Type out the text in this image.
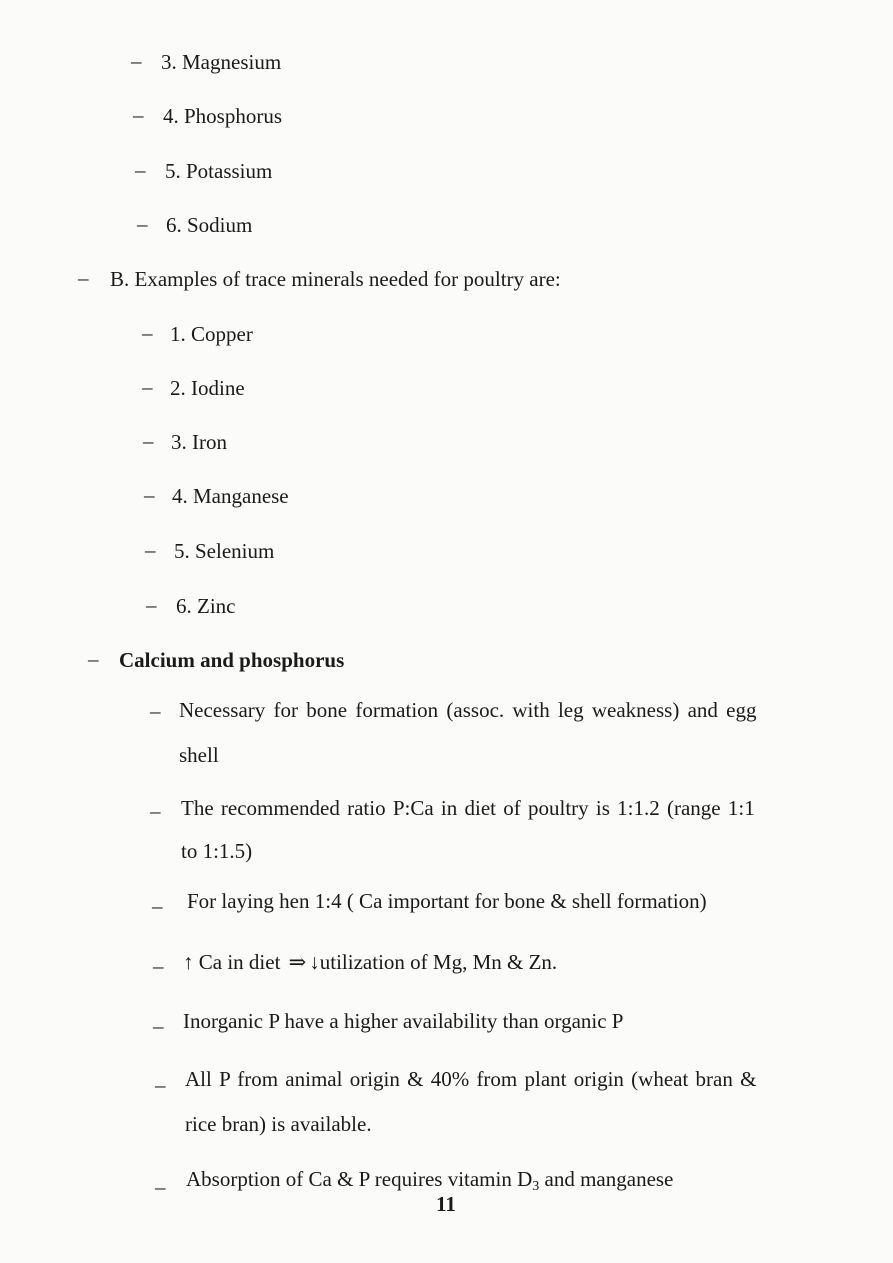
– 3. Magnesium
– 4. Phosphorus
– 5. Potassium
– 6. Sodium
– B. Examples of trace minerals needed for poultry are:
– 1. Copper
– 2. Iodine
– 3. Iron
– 4. Manganese
– 5. Selenium
– 6. Zinc
– Calcium and phosphorus
– Necessary for bone formation (assoc. with leg weakness) and egg
shell
– The recommended ratio P:Ca in diet of poultry is 1:1.2 (range 1:1
to 1:1.5)
– For laying hen 1:4 ( Ca important for bone & shell formation)
– ↑ Ca in diet ⇒ ↓utilization of Mg, Mn & Zn.
– Inorganic P have a higher availability than organic P
– All P from animal origin & 40% from plant origin (wheat bran &
rice bran) is available.
– Absorption of Ca & P requires vitamin $D_3$ and manganese
11
